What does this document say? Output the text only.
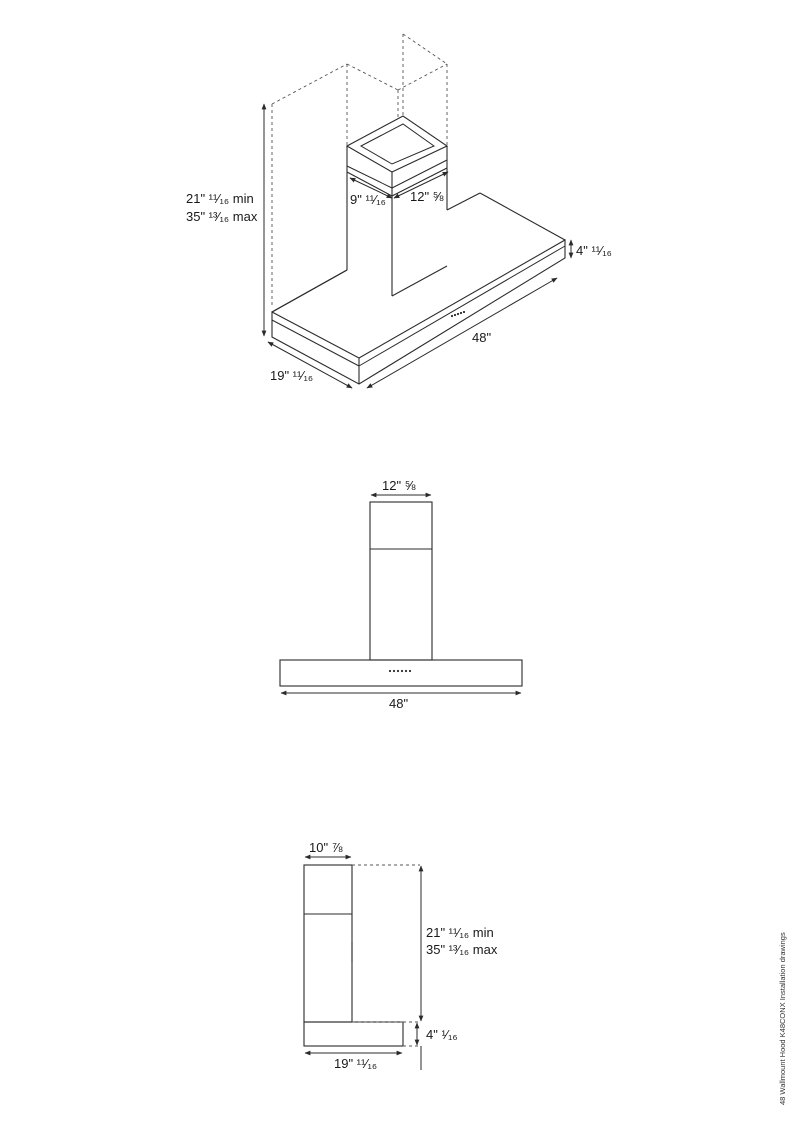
21" ¹¹⁄₁₆ min
35" ¹³⁄₁₆ max
9" ¹¹⁄₁₆ 12" ⅝
4" ¹¹⁄₁₆
48"
19" ¹¹⁄₁₆
12" ⅝
48"
10" ⅞
21" ¹¹⁄₁₆ min
35" ¹³⁄₁₆ max
4" ¹⁄₁₆
19" ¹¹⁄₁₆	48 Wallmount Hood K48CONX Installation drawings
